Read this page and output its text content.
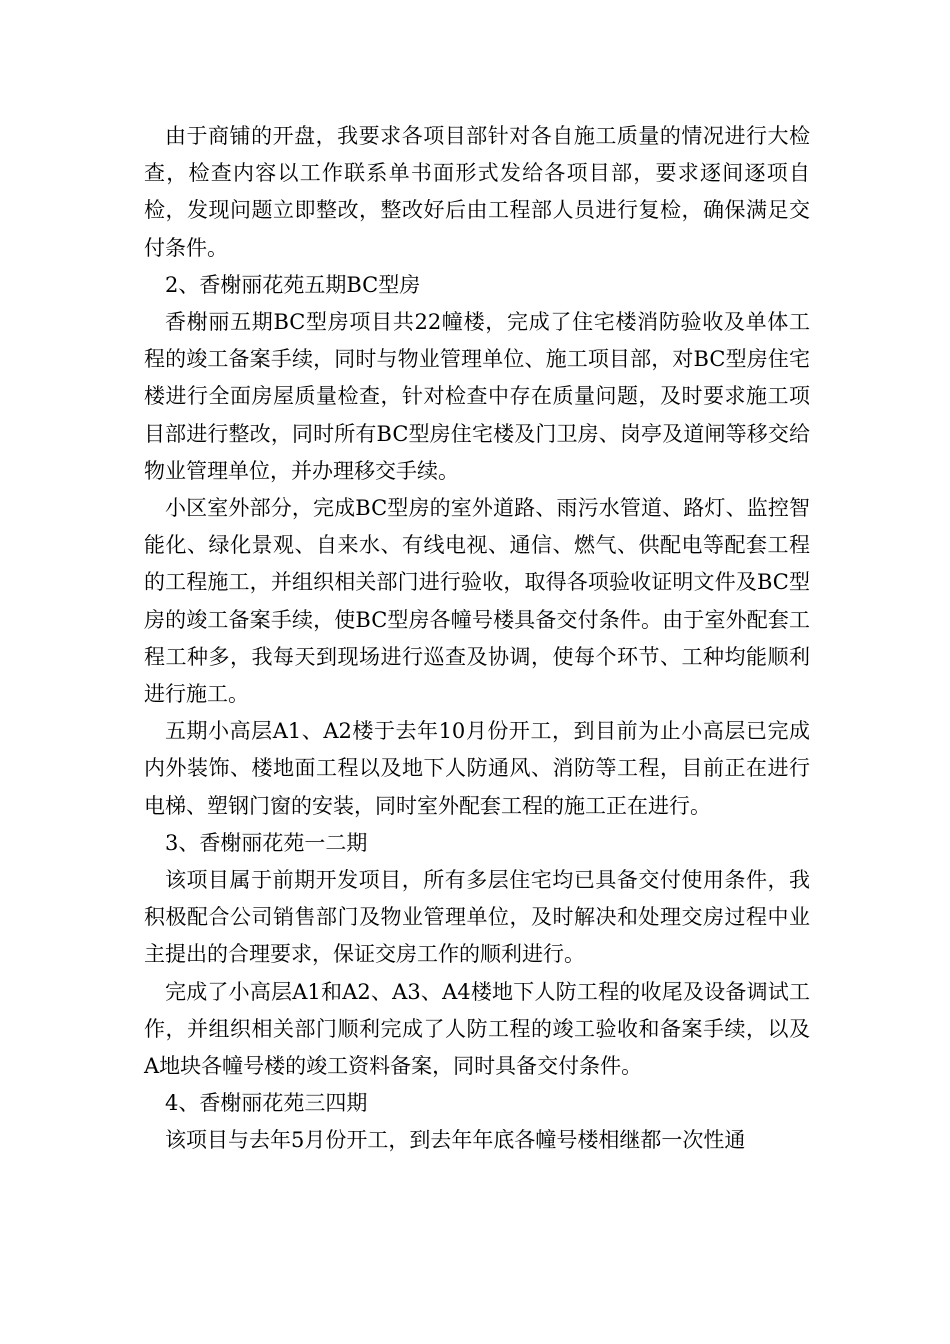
由于商铺的开盘，我要求各项目部针对各自施工质量的情况进行大检查，检查内容以工作联系单书面形式发给各项目部，要求逐间逐项自检，发现问题立即整改，整改好后由工程部人员进行复检，确保满足交付条件。

2、香榭丽花苑五期BC型房

香榭丽五期BC型房项目共22幢楼，完成了住宅楼消防验收及单体工程的竣工备案手续，同时与物业管理单位、施工项目部，对BC型房住宅楼进行全面房屋质量检查，针对检查中存在质量问题，及时要求施工项目部进行整改，同时所有BC型房住宅楼及门卫房、岗亭及道闸等移交给物业管理单位，并办理移交手续。

小区室外部分，完成BC型房的室外道路、雨污水管道、路灯、监控智能化、绿化景观、自来水、有线电视、通信、燃气、供配电等配套工程的工程施工，并组织相关部门进行验收，取得各项验收证明文件及BC型房的竣工备案手续，使BC型房各幢号楼具备交付条件。由于室外配套工程工种多，我每天到现场进行巡查及协调，使每个环节、工种均能顺利进行施工。

五期小高层A1、A2楼于去年10月份开工，到目前为止小高层已完成内外装饰、楼地面工程以及地下人防通风、消防等工程，目前正在进行电梯、塑钢门窗的安装，同时室外配套工程的施工正在进行。

3、香榭丽花苑一二期

该项目属于前期开发项目，所有多层住宅均已具备交付使用条件，我积极配合公司销售部门及物业管理单位，及时解决和处理交房过程中业主提出的合理要求，保证交房工作的顺利进行。

完成了小高层A1和A2、A3、A4楼地下人防工程的收尾及设备调试工作，并组织相关部门顺利完成了人防工程的竣工验收和备案手续，以及A地块各幢号楼的竣工资料备案，同时具备交付条件。

4、香榭丽花苑三四期

该项目与去年5月份开工，到去年年底各幢号楼相继都一次性通
